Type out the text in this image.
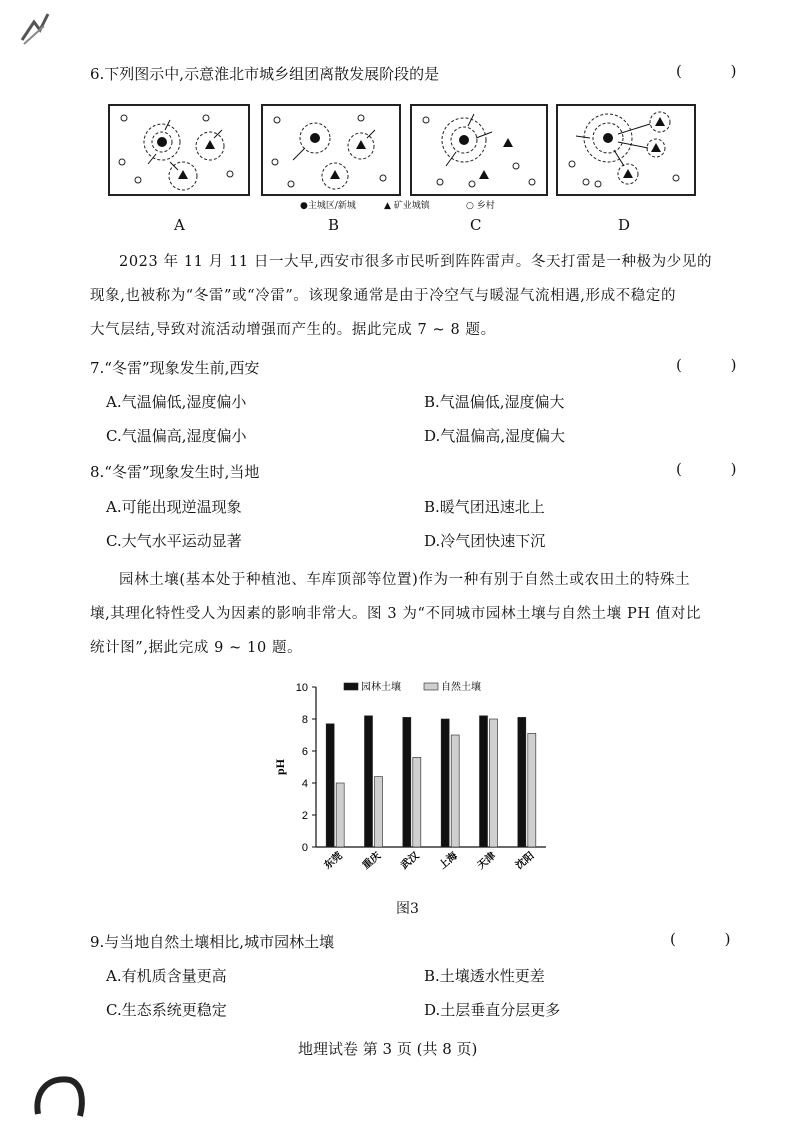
6.下列图示中,示意淮北市城乡组团离散发展阶段的是	( )
●主城区/新城	▲ 矿业城镇	○ 乡村
A	B	C	D
2023 年 11 月 11 日一大早,西安市很多市民听到阵阵雷声。冬天打雷是一种极为少见的
现象,也被称为“冬雷”或“冷雷”。该现象通常是由于冷空气与暖湿气流相遇,形成不稳定的
大气层结,导致对流活动增强而产生的。据此完成 7 ~ 8 题。
7.“冬雷”现象发生前,西安	( )
A.气温偏低,湿度偏小	B.气温偏低,湿度偏大
C.气温偏高,湿度偏小	D.气温偏高,湿度偏大
8.“冬雷”现象发生时,当地	( )
A.可能出现逆温现象	B.暖气团迅速北上
C.大气水平运动显著	D.冷气团快速下沉
园林土壤(基本处于种植池、车库顶部等位置)作为一种有别于自然土或农田土的特殊土
壤,其理化特性受人为因素的影响非常大。图 3 为“不同城市园林土壤与自然土壤 PH 值对比
统计图”,据此完成 9 ~ 10 题。
0
2
4
6
8
10
pH
东莞 重庆 武汉 上海 天津 沈阳
园林土壤	自然土壤
图3
9.与当地自然土壤相比,城市园林土壤	( )
A.有机质含量更高	B.土壤透水性更差
C.生态系统更稳定	D.土层垂直分层更多
地理试卷 第 3 页 (共 8 页)
